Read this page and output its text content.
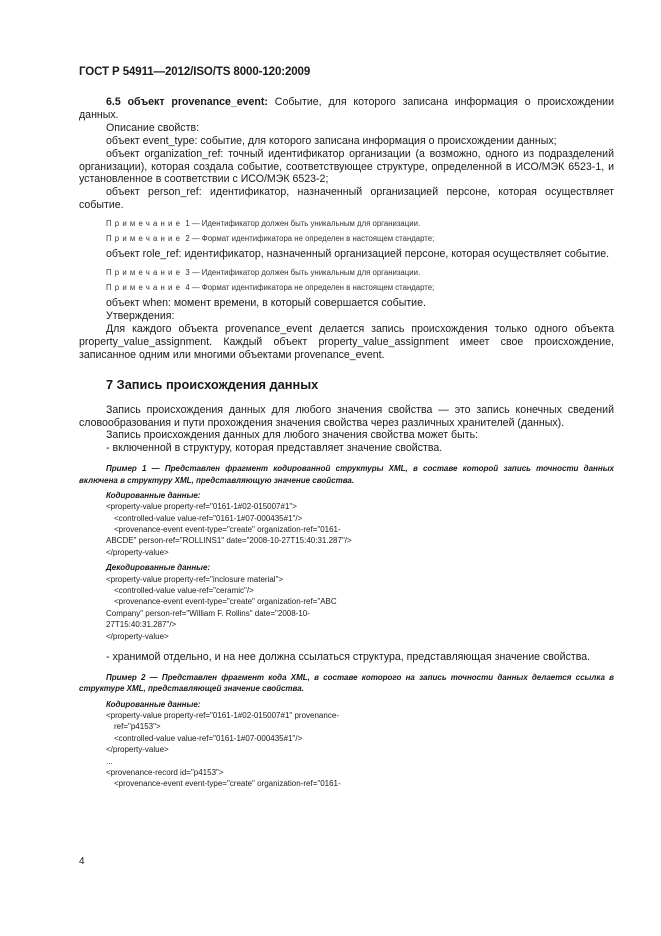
ГОСТ Р 54911—2012/ISO/TS 8000-120:2009

6.5 объект provenance_event: Событие, для которого записана информация о происхождении данных.

Описание свойств:

объект event_type: событие, для которого записана информация о происхождении данных;

объект organization_ref: точный идентификатор организации (а возможно, одного из подразделений организации), которая создала событие, соответствующее структуре, определенной в ИСО/МЭК 6523-1, и установленное в соответствии с ИСО/МЭК 6523-2;

объект person_ref: идентификатор, назначенный организацией персоне, которая осуществляет событие.

Примечание 1 — Идентификатор должен быть уникальным для организации.
Примечание 2 — Формат идентификатора не определен в настоящем стандарте;

объект role_ref: идентификатор, назначенный организацией персоне, которая осуществляет событие.

Примечание 3 — Идентификатор должен быть уникальным для организации.
Примечание 4 — Формат идентификатора не определен в настоящем стандарте;

объект when: момент времени, в который совершается событие.

Утверждения:

Для каждого объекта provenance_event делается запись происхождения только одного объекта property_value_assignment. Каждый объект property_value_assignment имеет свое происхождение, записанное одним или многими объектами provenance_event.

7 Запись происхождения данных

Запись происхождения данных для любого значения свойства — это запись конечных сведений словообразования и пути прохождения значения свойства через различных хранителей (данных).

Запись происхождения данных для любого значения свойства может быть:

- включенной в структуру, которая представляет значение свойства.

Пример 1 — Представлен фрагмент кодированной структуры XML, в составе которой запись точности данных включена в структуру XML, представляющую значение свойства.
Кодированные данные:
<property-value property-ref="0161-1#02-015007#1">
<controlled-value value-ref="0161-1#07-000435#1"/>
<provenance-event event-type="create" organization-ref="0161-
ABCDE" person-ref="ROLLINS1" date="2008-10-27T15:40:31.287"/>
</property-value>
Декодированные данные:
<property-value property-ref="inclosure material">
<controlled-value value-ref="ceramic"/>
<provenance-event event-type="create" organization-ref="ABC
Company" person-ref="William F. Rollins" date="2008-10-
27T15:40:31.287"/>
</property-value>

- хранимой отдельно, и на нее должна ссылаться структура, представляющая значение свойства.

Пример 2 — Представлен фрагмент кода XML, в составе которого на запись точности данных делается ссылка в структуре XML, представляющей значение свойства.
Кодированные данные:
<property-value property-ref="0161-1#02-015007#1" provenance-
ref="p4153">
<controlled-value value-ref="0161-1#07-000435#1"/>
</property-value>
...
<provenance-record id="p4153">
<provenance-event event-type="create" organization-ref="0161-
4
